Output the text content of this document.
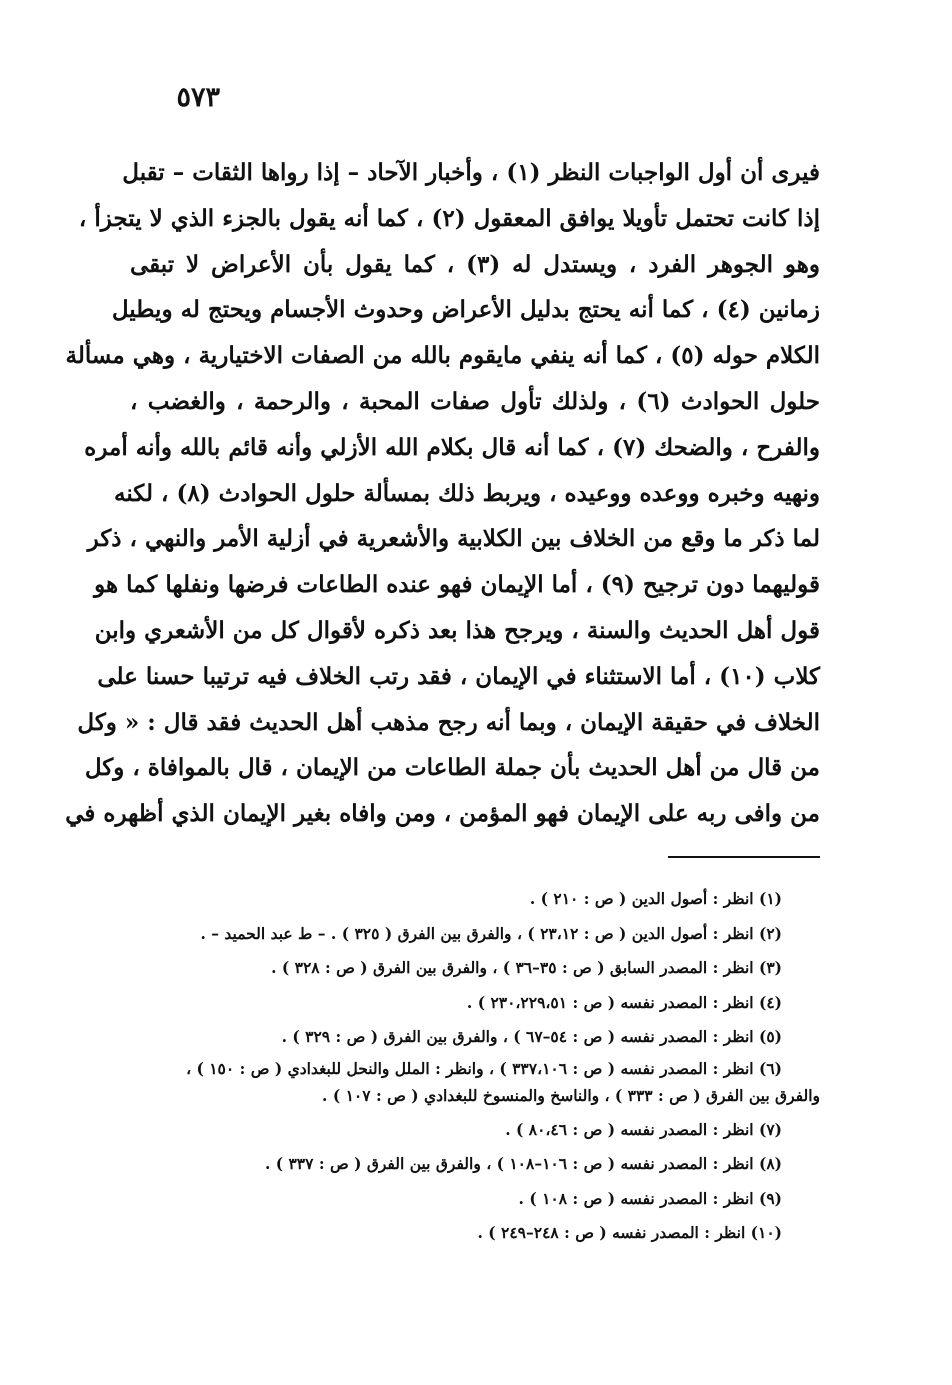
٥٧٣
فيرى أن أول الواجبات النظر (١) ، وأخبار الآحاد – إذا رواها الثقات – تقبل
إذا كانت تحتمل تأويلا يوافق المعقول (٢) ، كما أنه يقول بالجزء الذي لا يتجزأ ،
وهو الجوهر الفرد ، ويستدل له (٣) ، كما يقول بأن الأعراض لا تبقى
زمانين (٤) ، كما أنه يحتج بدليل الأعراض وحدوث الأجسام ويحتج له ويطيل
الكلام حوله (٥) ، كما أنه ينفي مايقوم بالله من الصفات الاختيارية ، وهي مسألة
حلول الحوادث (٦) ، ولذلك تأول صفات المحبة ، والرحمة ، والغضب ،
والفرح ، والضحك (٧) ، كما أنه قال بكلام الله الأزلي وأنه قائم بالله وأنه أمره
ونهيه وخبره ووعده ووعيده ، ويربط ذلك بمسألة حلول الحوادث (٨) ، لكنه
لما ذكر ما وقع من الخلاف بين الكلابية والأشعرية في أزلية الأمر والنهي ، ذكر
قوليهما دون ترجيح (٩) ، أما الإيمان فهو عنده الطاعات فرضها ونفلها كما هو
قول أهل الحديث والسنة ، ويرجح هذا بعد ذكره لأقوال كل من الأشعري وابن
كلاب (١٠) ، أما الاستثناء في الإيمان ، فقد رتب الخلاف فيه ترتيبا حسنا على
الخلاف في حقيقة الإيمان ، وبما أنه رجح مذهب أهل الحديث فقد قال : « وكل
من قال من أهل الحديث بأن جملة الطاعات من الإيمان ، قال بالموافاة ، وكل
من وافى ربه على الإيمان فهو المؤمن ، ومن وافاه بغير الإيمان الذي أظهره في
(١) انظر : أصول الدين ( ص : ٢١٠ ) .
(٢) انظر : أصول الدين ( ص : ٢٣،١٢ ) ، والفرق بين الفرق ( ٣٢٥ ) . – ط عبد الحميد – .
(٣) انظر : المصدر السابق ( ص : ٣٥–٣٦ ) ، والفرق بين الفرق ( ص : ٣٢٨ ) .
(٤) انظر : المصدر نفسه ( ص : ٢٣٠،٢٢٩،٥١ ) .
(٥) انظر : المصدر نفسه ( ص : ٥٤–٦٧ ) ، والفرق بين الفرق ( ص : ٣٢٩ ) .
(٦) انظر : المصدر نفسه ( ص : ٣٣٧،١٠٦ ) ، وانظر : الملل والنحل للبغدادي ( ص : ١٥٠ ) ،
والفرق بين الفرق ( ص : ٣٣٣ ) ، والناسخ والمنسوخ للبغدادي ( ص : ١٠٧ ) .
(٧) انظر : المصدر نفسه ( ص : ٨٠،٤٦ ) .
(٨) انظر : المصدر نفسه ( ص : ١٠٦–١٠٨ ) ، والفرق بين الفرق ( ص : ٣٣٧ ) .
(٩) انظر : المصدر نفسه ( ص : ١٠٨ ) .
(١٠) انظر : المصدر نفسه ( ص : ٢٤٨–٢٤٩ ) .
